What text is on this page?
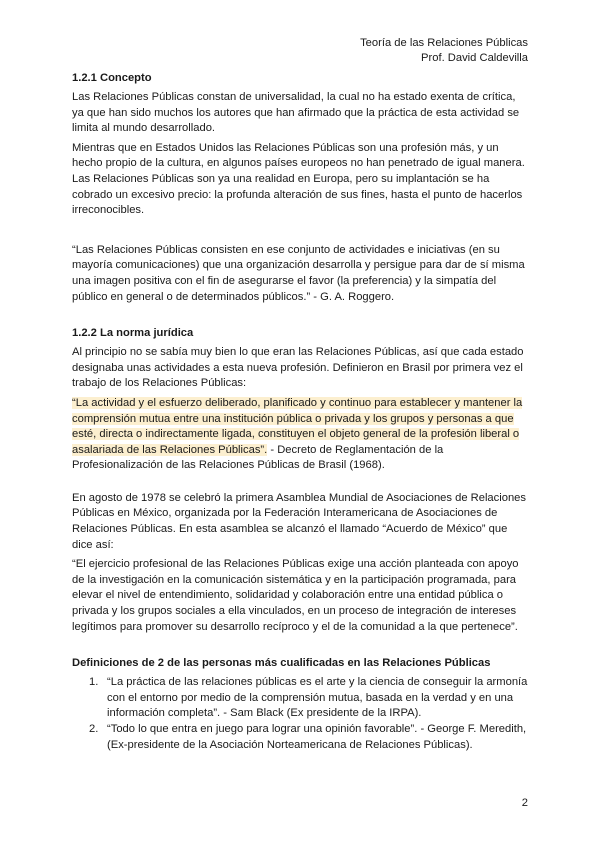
Teoría de las Relaciones Públicas
Prof. David Caldevilla

1.2.1 Concepto

Las Relaciones Públicas constan de universalidad, la cual no ha estado exenta de crítica, ya que han sido muchos los autores que han afirmado que la práctica de esta actividad se limita al mundo desarrollado.

Mientras que en Estados Unidos las Relaciones Públicas son una profesión más, y un hecho propio de la cultura, en algunos países europeos no han penetrado de igual manera. Las Relaciones Públicas son ya una realidad en Europa, pero su implantación se ha cobrado un excesivo precio: la profunda alteración de sus fines, hasta el punto de hacerlos irreconocibles.

“Las Relaciones Públicas consisten en ese conjunto de actividades e iniciativas (en su mayoría comunicaciones) que una organización desarrolla y persigue para dar de sí misma una imagen positiva con el fin de asegurarse el favor (la preferencia) y la simpatía del público en general o de determinados públicos.” - G. A. Roggero.

1.2.2 La norma jurídica

Al principio no se sabía muy bien lo que eran las Relaciones Públicas, así que cada estado designaba unas actividades a esta nueva profesión. Definieron en Brasil por primera vez el trabajo de los Relaciones Públicas:

“La actividad y el esfuerzo deliberado, planificado y continuo para establecer y mantener la comprensión mutua entre una institución pública o privada y los grupos y personas a que esté, directa o indirectamente ligada, constituyen el objeto general de la profesión liberal o asalariada de las Relaciones Públicas”. - Decreto de Reglamentación de la Profesionalización de las Relaciones Públicas de Brasil (1968).

En agosto de 1978 se celebró la primera Asamblea Mundial de Asociaciones de Relaciones Públicas en México, organizada por la Federación Interamericana de Asociaciones de Relaciones Públicas. En esta asamblea se alcanzó el llamado “Acuerdo de México” que dice así:

“El ejercicio profesional de las Relaciones Públicas exige una acción planteada con apoyo de la investigación en la comunicación sistemática y en la participación programada, para elevar el nivel de entendimiento, solidaridad y colaboración entre una entidad pública o privada y los grupos sociales a ella vinculados, en un proceso de integración de intereses legítimos para promover su desarrollo recíproco y el de la comunidad a la que pertenece”.

Definiciones de 2 de las personas más cualificadas en las Relaciones Públicas

1. “La práctica de las relaciones públicas es el arte y la ciencia de conseguir la armonía con el entorno por medio de la comprensión mutua, basada en la verdad y en una información completa”. - Sam Black (Ex presidente de la IRPA).
2. “Todo lo que entra en juego para lograr una opinión favorable”. - George F. Meredith, (Ex-presidente de la Asociación Norteamericana de Relaciones Públicas).
2
